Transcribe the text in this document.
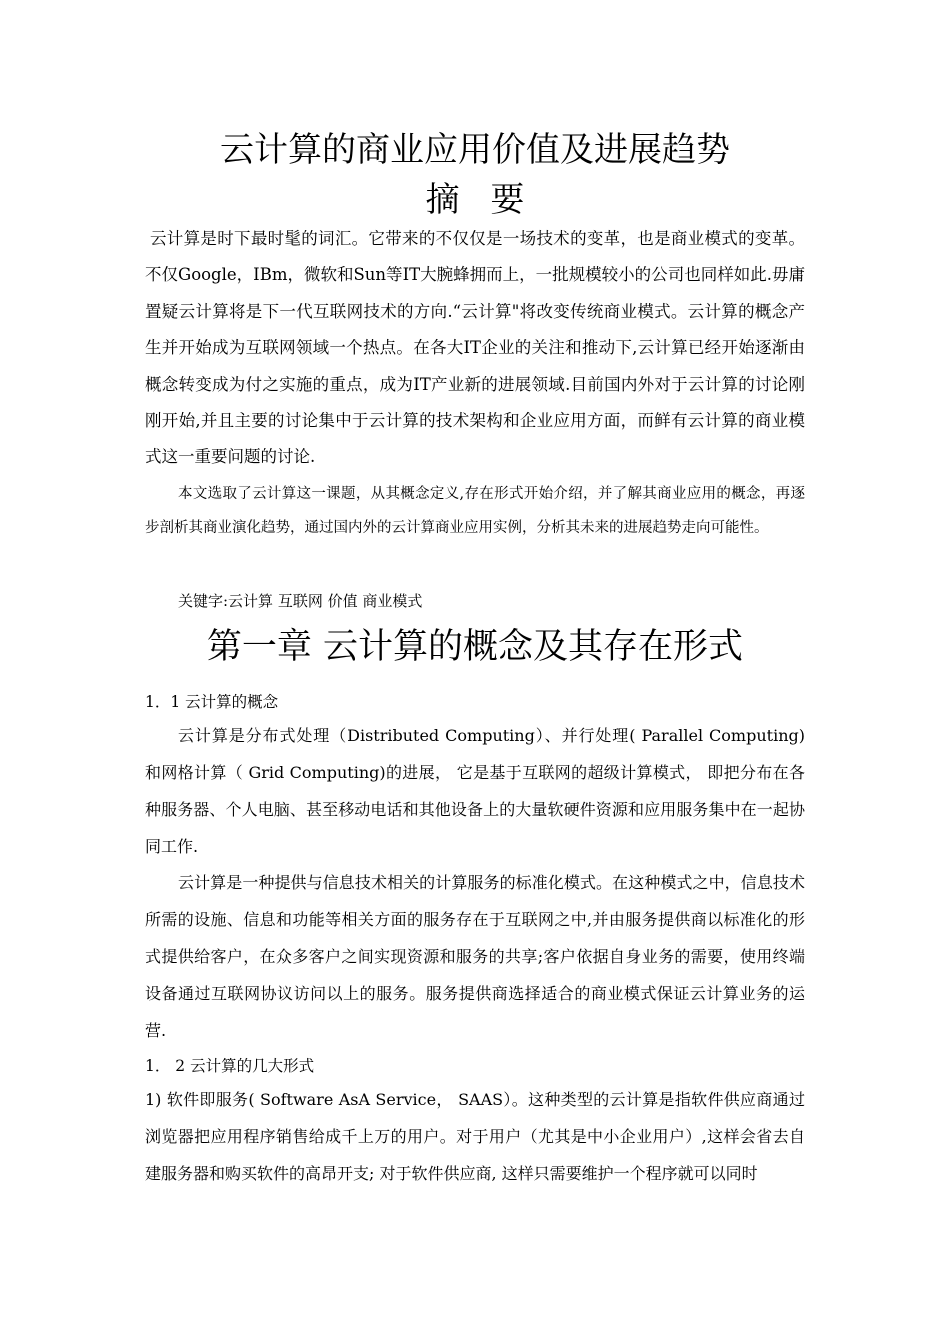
云计算的商业应用价值及进展趋势
摘 要
云计算是时下最时髦的词汇。它带来的不仅仅是一场技术的变革，也是商业模式的变革。不仅Google，IBm，微软和Sun等IT大腕蜂拥而上，一批规模较小的公司也同样如此.毋庸置疑云计算将是下一代互联网技术的方向.“云计算"将改变传统商业模式。云计算的概念产生并开始成为互联网领域一个热点。在各大IT企业的关注和推动下,云计算已经开始逐渐由概念转变成为付之实施的重点，成为IT产业新的进展领域.目前国内外对于云计算的讨论刚刚开始,并且主要的讨论集中于云计算的技术架构和企业应用方面，而鲜有云计算的商业模式这一重要问题的讨论.
本文选取了云计算这一课题，从其概念定义,存在形式开始介绍，并了解其商业应用的概念，再逐步剖析其商业演化趋势，通过国内外的云计算商业应用实例，分析其未来的进展趋势走向可能性。
关键字:云计算 互联网 价值 商业模式
第一章 云计算的概念及其存在形式
1．1 云计算的概念
云计算是分布式处理（Distributed Computing）、并行处理( Parallel Computing) 和网格计算（ Grid Computing)的进展， 它是基于互联网的超级计算模式， 即把分布在各种服务器、个人电脑、甚至移动电话和其他设备上的大量软硬件资源和应用服务集中在一起协同工作.
云计算是一种提供与信息技术相关的计算服务的标准化模式。在这种模式之中，信息技术所需的设施、信息和功能等相关方面的服务存在于互联网之中,并由服务提供商以标准化的形式提供给客户，在众多客户之间实现资源和服务的共享;客户依据自身业务的需要，使用终端设备通过互联网协议访问以上的服务。服务提供商选择适合的商业模式保证云计算业务的运营.
1． 2 云计算的几大形式
1) 软件即服务( Software AsA Service， SAAS）。这种类型的云计算是指软件供应商通过浏览器把应用程序销售给成千上万的用户。对于用户（尤其是中小企业用户）,这样会省去自建服务器和购买软件的高昂开支; 对于软件供应商, 这样只需要维护一个程序就可以同时
